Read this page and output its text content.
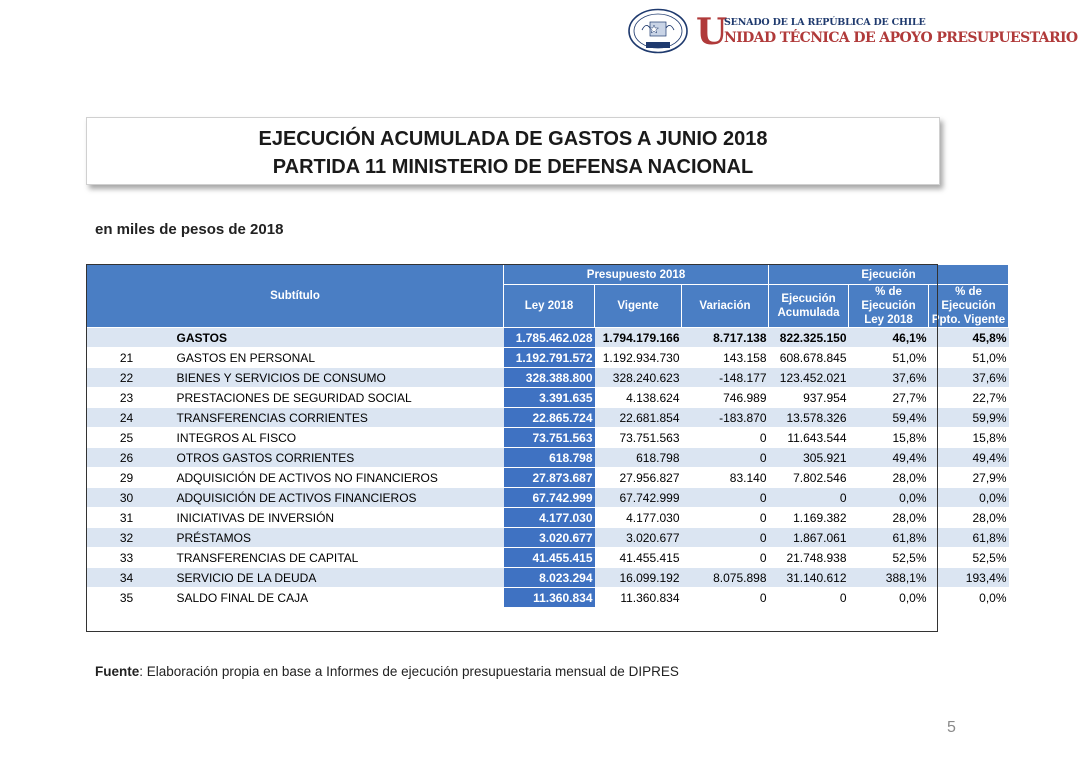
U
SENADO DE LA REPÚBLICA DE CHILE
NIDAD TÉCNICA DE APOYO PRESUPUESTARIO
EJECUCIÓN ACUMULADA DE GASTOS A JUNIO 2018
PARTIDA 11 MINISTERIO DE DEFENSA NACIONAL
en miles de pesos de 2018
Subtítulo		Presupuesto 2018			Ejecución		
		Ley 2018	Vigente	Variación	Ejecución Acumulada	% de Ejecución Ley 2018	% de Ejecución Ppto. Vigente
	GASTOS	1.785.462.028	1.794.179.166	8.717.138	822.325.150	46,1%	45,8%
21	GASTOS EN PERSONAL	1.192.791.572	1.192.934.730	143.158	608.678.845	51,0%	51,0%
22	BIENES Y SERVICIOS DE CONSUMO	328.388.800	328.240.623	-148.177	123.452.021	37,6%	37,6%
23	PRESTACIONES DE SEGURIDAD SOCIAL	3.391.635	4.138.624	746.989	937.954	27,7%	22,7%
24	TRANSFERENCIAS CORRIENTES	22.865.724	22.681.854	-183.870	13.578.326	59,4%	59,9%
25	INTEGROS AL FISCO	73.751.563	73.751.563	0	11.643.544	15,8%	15,8%
26	OTROS GASTOS CORRIENTES	618.798	618.798	0	305.921	49,4%	49,4%
29	ADQUISICIÓN DE ACTIVOS NO FINANCIEROS	27.873.687	27.956.827	83.140	7.802.546	28,0%	27,9%
30	ADQUISICIÓN DE ACTIVOS FINANCIEROS	67.742.999	67.742.999	0	0	0,0%	0,0%
31	INICIATIVAS DE INVERSIÓN	4.177.030	4.177.030	0	1.169.382	28,0%	28,0%
32	PRÉSTAMOS	3.020.677	3.020.677	0	1.867.061	61,8%	61,8%
33	TRANSFERENCIAS DE CAPITAL	41.455.415	41.455.415	0	21.748.938	52,5%	52,5%
34	SERVICIO DE LA DEUDA	8.023.294	16.099.192	8.075.898	31.140.612	388,1%	193,4%
35	SALDO FINAL DE CAJA	11.360.834	11.360.834	0	0	0,0%	0,0%
Fuente: Elaboración propia en base a Informes de ejecución presupuestaria mensual de DIPRES
5
